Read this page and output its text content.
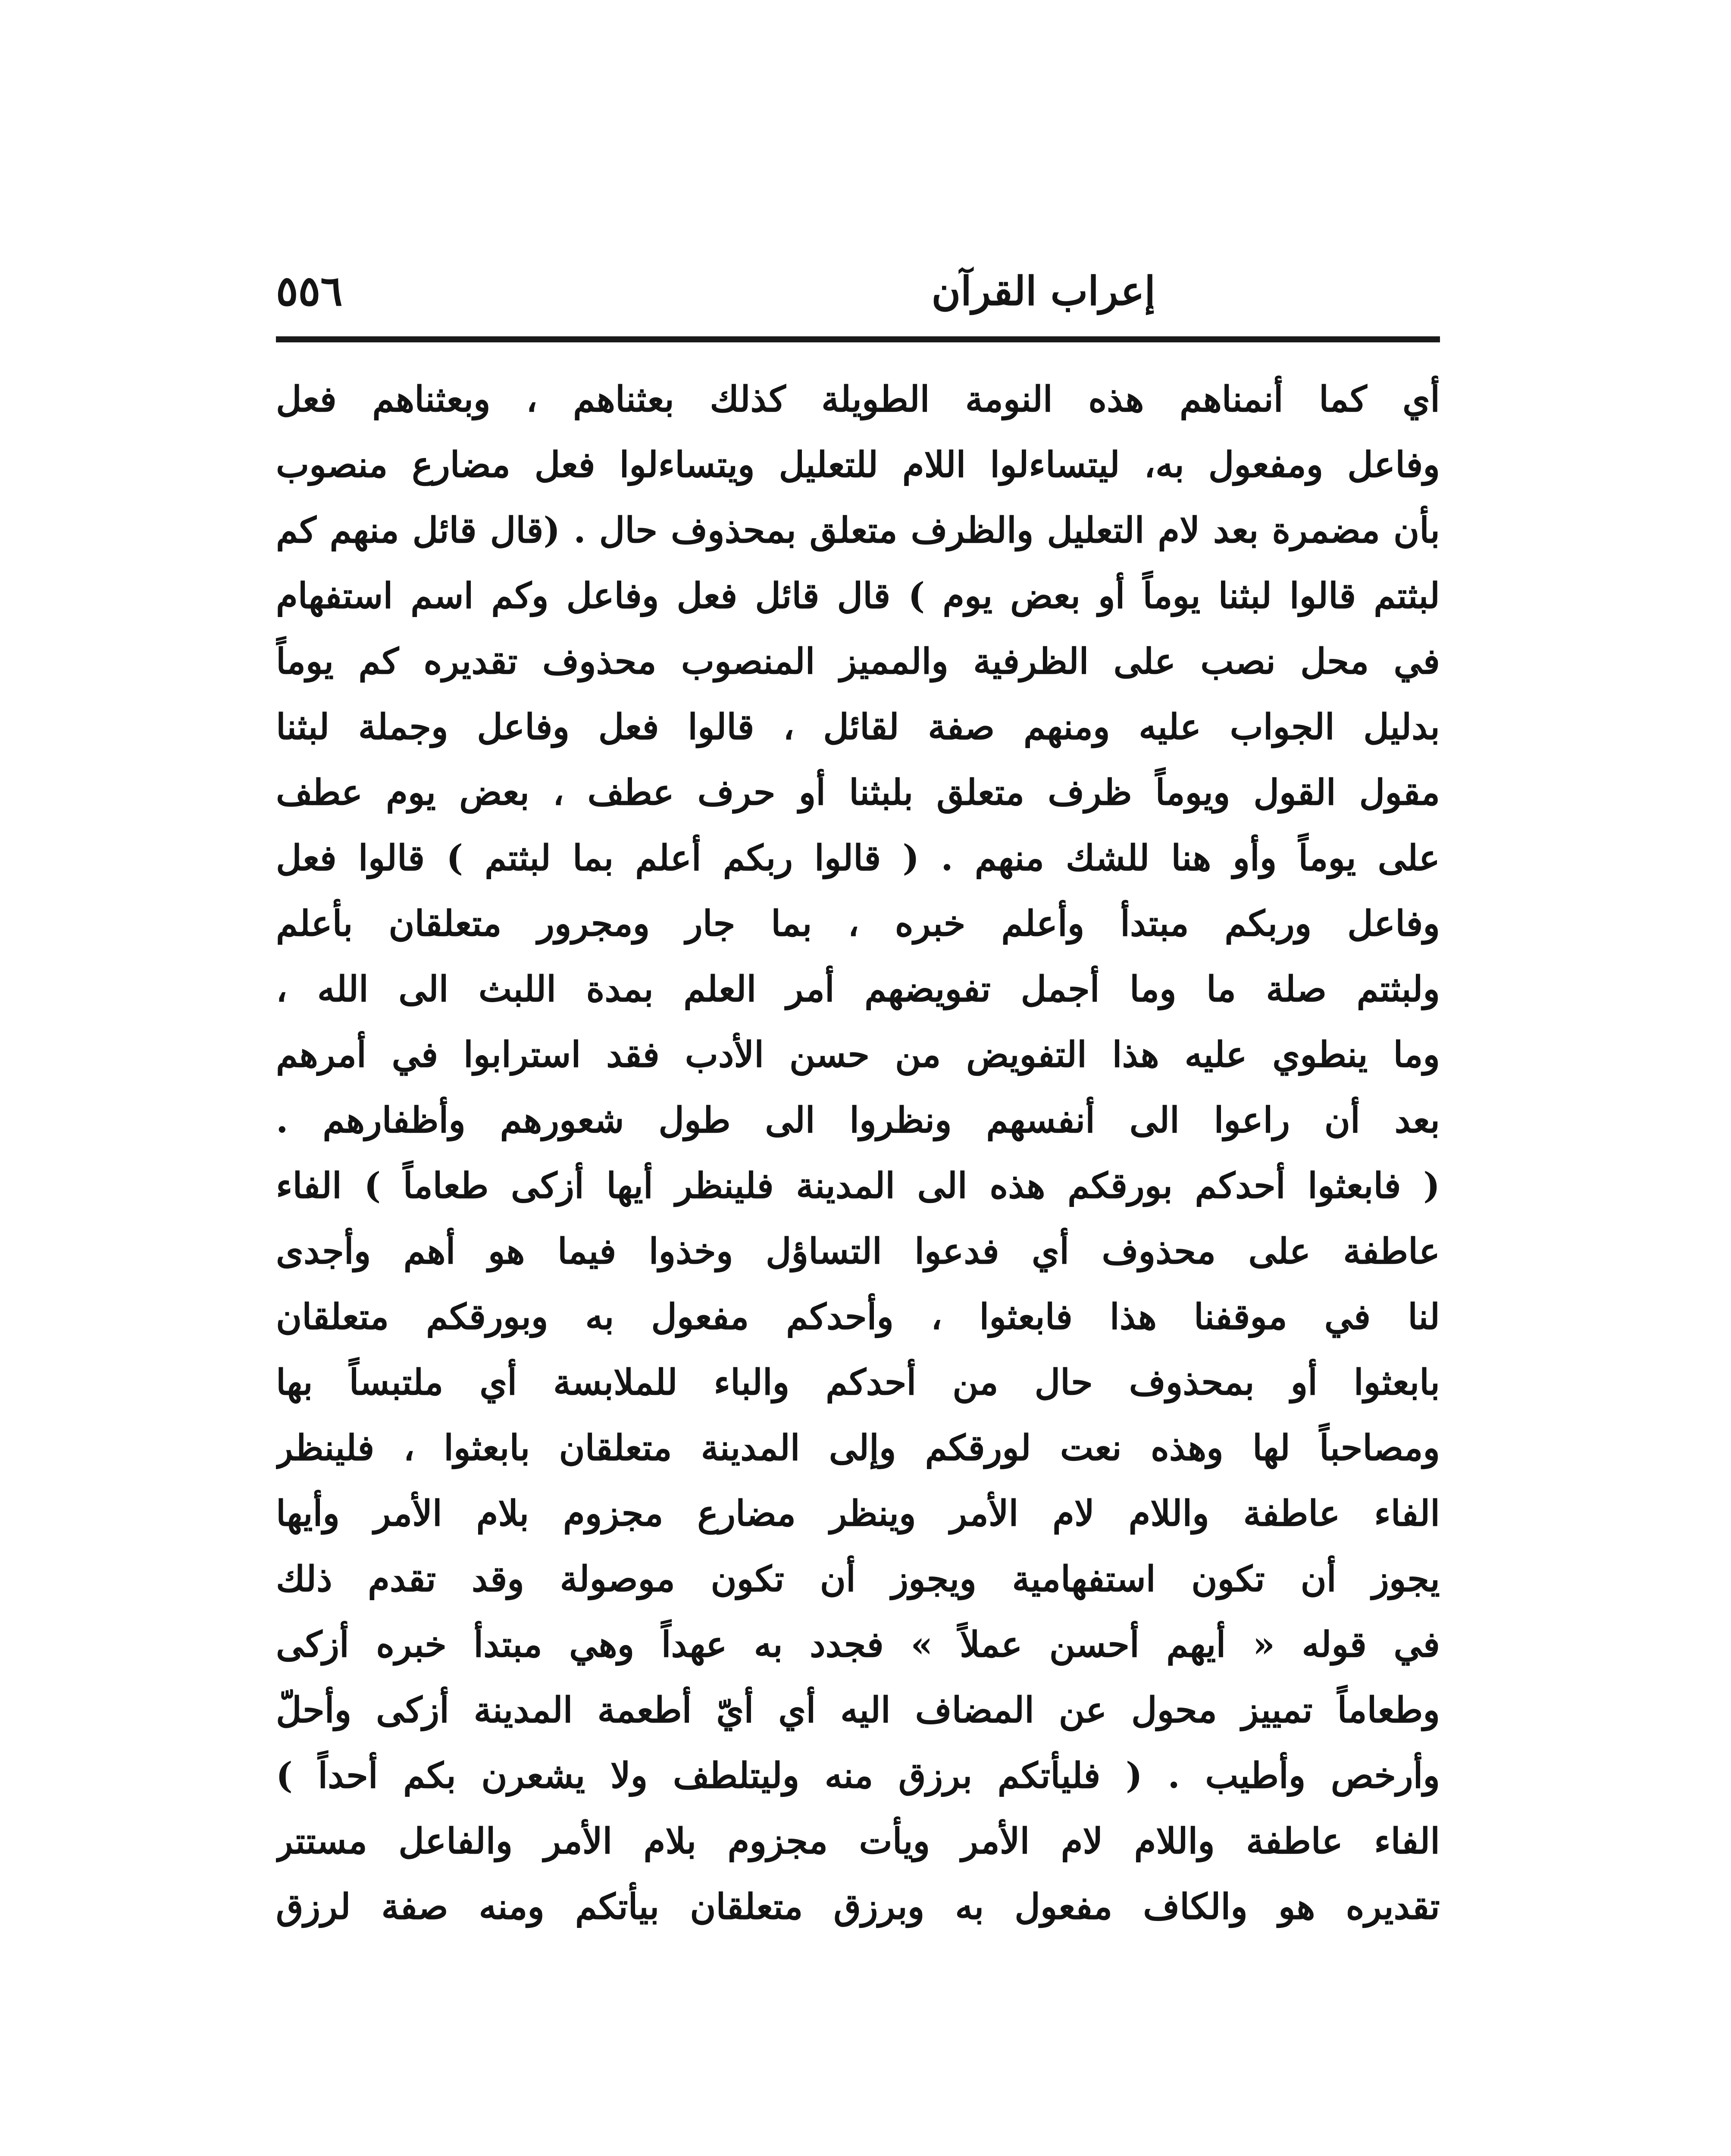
إعراب القرآن
٥٥٦
أي كما أنمناهم هذه النومة الطويلة كذلك بعثناهم ، وبعثناهم فعل
وفاعل ومفعول به، ليتساءلوا اللام للتعليل ويتساءلوا فعل مضارع منصوب
بأن مضمرة بعد لام التعليل والظرف متعلق بمحذوف حال . (قال قائل منهم كم
لبثتم قالوا لبثنا يوماً أو بعض يوم ) قال قائل فعل وفاعل وكم اسم استفهام
في محل نصب على الظرفية والمميز المنصوب محذوف تقديره كم يوماً
بدليل الجواب عليه ومنهم صفة لقائل ، قالوا فعل وفاعل وجملة لبثنا
مقول القول ويوماً ظرف متعلق بلبثنا أو حرف عطف ، بعض يوم عطف
على يوماً وأو هنا للشك منهم . ( قالوا ربكم أعلم بما لبثتم ) قالوا فعل
وفاعل وربكم مبتدأ وأعلم خبره ، بما جار ومجرور متعلقان بأعلم
ولبثتم صلة ما وما أجمل تفويضهم أمر العلم بمدة اللبث الى الله ،
وما ينطوي عليه هذا التفويض من حسن الأدب فقد استرابوا في أمرهم
بعد أن راعوا الى أنفسهم ونظروا الى طول شعورهم وأظفارهم .
( فابعثوا أحدكم بورقكم هذه الى المدينة فلينظر أيها أزكى طعاماً ) الفاء
عاطفة على محذوف أي فدعوا التساؤل وخذوا فيما هو أهم وأجدى
لنا في موقفنا هذا فابعثوا ، وأحدكم مفعول به وبورقكم متعلقان
بابعثوا أو بمحذوف حال من أحدكم والباء للملابسة أي ملتبساً بها
ومصاحباً لها وهذه نعت لورقكم وإلى المدينة متعلقان بابعثوا ، فلينظر
الفاء عاطفة واللام لام الأمر وينظر مضارع مجزوم بلام الأمر وأيها
يجوز أن تكون استفهامية ويجوز أن تكون موصولة وقد تقدم ذلك
في قوله « أيهم أحسن عملاً » فجدد به عهداً وهي مبتدأ خبره أزكى
وطعاماً تمييز محول عن المضاف اليه أي أيّ أطعمة المدينة أزكى وأحلّ
وأرخص وأطيب . ( فليأتكم برزق منه وليتلطف ولا يشعرن بكم أحداً )
الفاء عاطفة واللام لام الأمر ويأت مجزوم بلام الأمر والفاعل مستتر
تقديره هو والكاف مفعول به وبرزق متعلقان بيأتكم ومنه صفة لرزق
